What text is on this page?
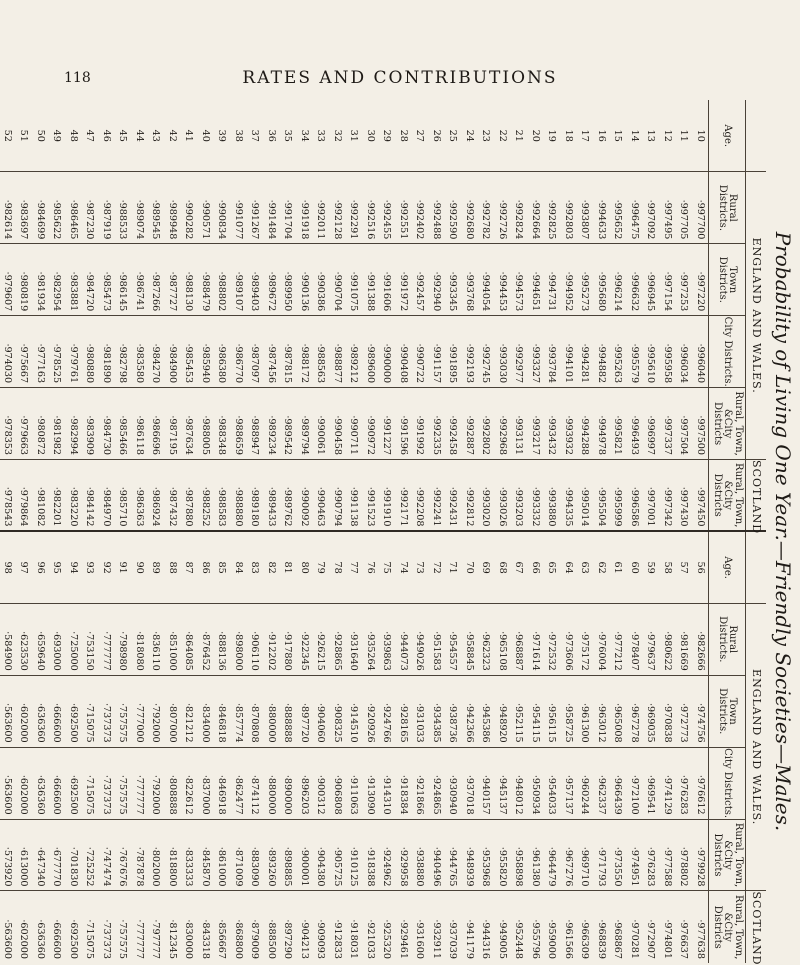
118	RATES AND CONTRIBUTIONS
Probability of Living One Year.—Friendly Societies—Males.
	ENGLAND AND WALES.				SCOTLAND		ENGLAND AND WALES.				SCOTLAND
Age.	Rural Districts.	Town Districts.	City Districts.	Rural, Town, &City Districts	Rural, Town, &City Districts	Age.	Rural Districts.	Town Districts.	City Districts.	Rural, Town, &City Districts	Rural, Town, &City Districts
10	·997700	·997220	·996040	·997500	·997450	56	·982666	·974756	·976612	·979928	·977638
11	·997705	·997253	·996034	·997504	·997430	57	·981669	·972773	·976283	·978802	·976637
12	·997495	·997154	·995958	·997337	·997342	58	·980622	·970838	·974129	·977588	·974801
13	·997092	·996945	·995610	·996997	·997001	59	·979637	·969035	·969541	·976283	·972907
14	·996475	·996632	·995579	·996493	·996586	60	·978407	·967278	·972100	·974951	·970281
15	·995652	·996214	·995263	·995821	·995999	61	·977212	·965008	·966439	·973550	·968867
16	·994633	·995680	·994882	·994978	·995504	62	·976004	·963012	·962337	·971793	·968839
17	·993807	·995273	·994281	·994288	·995014	63	·975172	·961300	·960244	·969710	·966309
18	·992803	·994952	·994101	·993932	·994335	64	·973606	·958725	·957137	·967276	·961566
19	·992825	·994731	·993784	·993432	·993880	65	·972532	·956115	·954033	·964479	·959000
20	·992664	·994651	·993327	·993217	·993332	66	·971614	·954115	·950934	·961380	·955796
21	·992824	·994573	·992977	·993131	·993203	67	·968887	·952115	·948012	·958898	·952448
22	·992726	·994453	·993030	·992968	·993026	68	·965108	·948920	·945137	·955820	·949005
23	·992782	·994054	·992745	·992802	·993020	69	·962323	·945386	·940157	·953968	·944316
24	·992680	·993768	·992193	·992887	·992812	70	·958845	·942366	·937018	·948939	·941179
25	·992590	·993345	·991895	·992458	·992431	71	·954557	·938736	·930940	·944765	·937039
26	·992488	·992940	·991157	·992335	·992241	72	·951583	·934385	·924865	·940496	·932911
27	·992402	·992457	·990722	·991992	·992208	73	·949026	·931033	·921866	·938880	·931600
28	·992551	·991972	·990408	·991596	·992171	74	·944073	·928165	·918384	·929958	·929461
29	·992455	·991606	·990000	·991227	·991910	75	·939863	·924766	·914310	·924962	·925320
30	·992516	·991388	·989600	·990972	·991523	76	·935264	·920926	·913090	·918388	·921033
31	·992291	·991075	·989212	·990711	·991138	77	·931640	·914510	·911063	·910125	·918031
32	·992128	·990704	·988877	·990458	·990794	78	·928865	·908325	·906808	·905725	·912833
33	·992011	·990386	·988563	·990061	·990463	79	·926215	·904060	·900312	·904380	·909093
34	·991918	·990136	·988172	·989794	·990092	80	·922345	·897720	·896203	·900001	·904213
35	·991704	·989950	·987815	·989542	·989762	81	·917880	·888888	·890000	·898885	·897290
36	·991484	·989672	·987456	·989234	·989433	82	·912202	·880000	·880000	·893260	·888500
37	·991267	·989403	·987097	·988947	·989180	83	·906110	·870808	·874112	·883090	·879009
38	·991077	·989107	·986770	·988659	·988880	84	·898000	·857774	·862477	·871009	·868800
39	·990834	·988802	·986380	·988348	·988583	85	·888136	·846818	·846918	·861000	·856667
40	·990571	·988479	·985940	·988005	·988252	86	·876452	·834000	·837000	·845870	·843318
41	·990282	·988130	·985453	·987634	·987880	87	·864085	·821212	·822612	·833333	·830000
42	·989948	·987727	·984900	·987195	·987432	88	·851000	·807000	·808888	·818800	·812345
43	·989545	·987266	·984270	·986696	·986924	89	·836110	·792000	·792000	·802000	·797777
44	·989074	·986741	·983580	·986118	·986363	90	·818080	·777000	·777777	·787878	·777777
45	·988533	·986145	·982798	·985466	·985710	91	·798980	·757575	·757575	·767676	·757575
46	·987919	·985473	·981890	·984730	·984970	92	·777777	·737373	·737373	·747474	·737373
47	·987230	·984720	·980880	·983909	·984142	93	·753150	·715075	·715075	·725252	·715075
48	·986465	·983881	·979761	·982994	·983220	94	·725000	·692500	·692500	·701830	·692500
49	·985622	·982954	·978525	·981982	·982201	95	·693000	·666600	·666600	·677770	·666600
50	·984699	·981934	·977163	·980872	·981082	96	·659640	·636360	·636360	·647340	·636360
51	·983697	·980819	·975667	·979663	·979864	97	·623530	·602000	·602000	·613000	·602000
52	·982614	·979607	·974030	·978353	·978543	98	·584900	·563600	·563600	·573920	·563600
